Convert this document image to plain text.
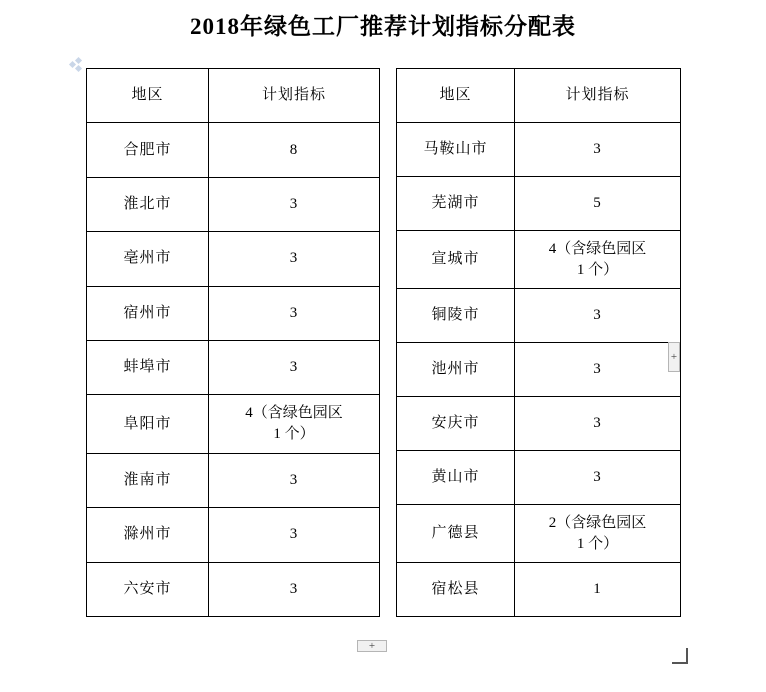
2018年绿色工厂推荐计划指标分配表
地区	计划指标
合肥市	8
淮北市	3
亳州市	3
宿州市	3
蚌埠市	3
阜阳市	4（含绿色园区
1 个）
淮南市	3
滁州市	3
六安市	3
地区	计划指标
马鞍山市	3
芜湖市	5
宣城市	4（含绿色园区
1 个）
铜陵市	3
池州市	3
安庆市	3
黄山市	3
广德县	2（含绿色园区
1 个）
宿松县	1
+
+
